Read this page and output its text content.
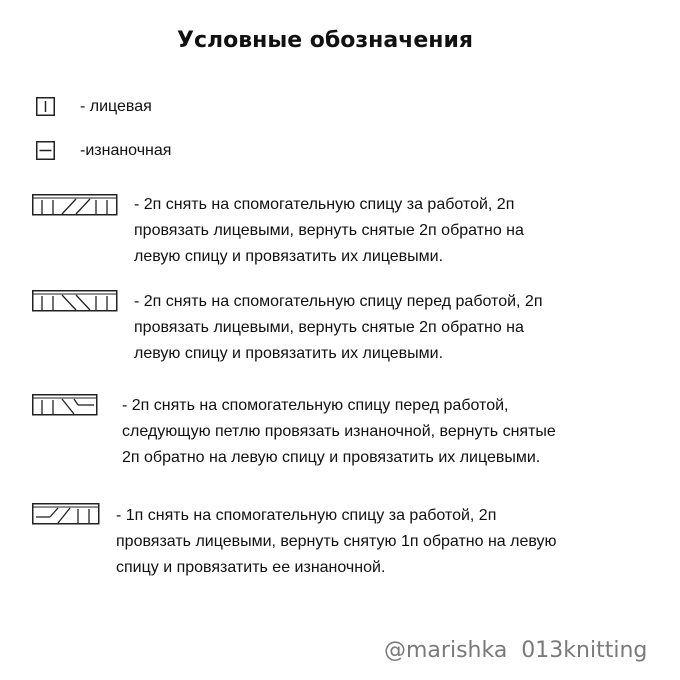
Условные обозначения
- лицевая
-изнаночная
- 2п снять на спомогательную спицу за работой, 2п
провязать лицевыми, вернуть снятые 2п обратно на
левую спицу и провязатить их лицевыми.
- 2п снять на спомогательную спицу перед работой, 2п
провязать лицевыми, вернуть снятые 2п обратно на
левую спицу и провязатить их лицевыми.
- 2п снять на спомогательную спицу перед работой,
следующую петлю провязать изнаночной, вернуть снятые
2п обратно на левую спицу и провязатить их лицевыми.
- 1п снять на спомогательную спицу за работой, 2п
провязать лицевыми, вернуть снятую 1п обратно на левую
спицу и провязатить ее изнаночной.
@marishka  013knitting
